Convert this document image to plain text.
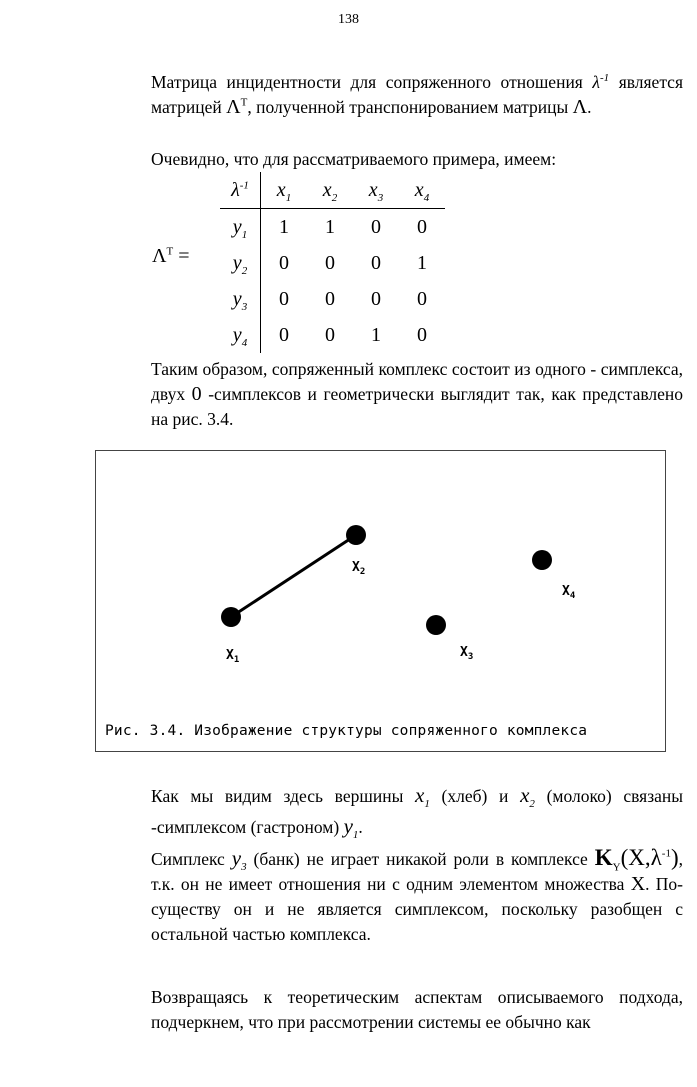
138
Матрица инцидентности для сопряженного отношения $\lambda^{-1}$ является матрицей $\Lambda^T$, полученной транспонированием матрицы Λ.
Очевидно, что для рассматриваемого примера, имеем:
$\Lambda^T$ =
$\lambda^{-1}$	$x_1$	$x_2$	$x_3$	$x_4$
$y_1$	1	1	0	0
$y_2$	0	0	0	1
$y_3$	0	0	0	0
$y_4$	0	0	1	0
Таким образом, сопряженный комплекс состоит из одного - симплекса, двух 0 -симплексов и геометрически выглядит так, как представлено на рис. 3.4.
$X_1$
$X_2$
$X_3$
$X_4$
Рис. 3.4. Изображение структуры сопряженного комплекса
Как мы видим здесь вершины $x_1$ (хлеб) и $x_2$ (молоко) связаны -симплексом (гастроном) $y_1$.
Симплекс $y_3$ (банк) не играет никакой роли в комплексе $K_Y(X,\lambda^{-1})$, т.к. он не имеет отношения ни с одним элементом множества X. По-существу он и не является симплексом, поскольку разобщен с остальной частью комплекса.
Возвращаясь к теоретическим аспектам описываемого подхода, подчеркнем, что при рассмотрении системы ее обычно как
